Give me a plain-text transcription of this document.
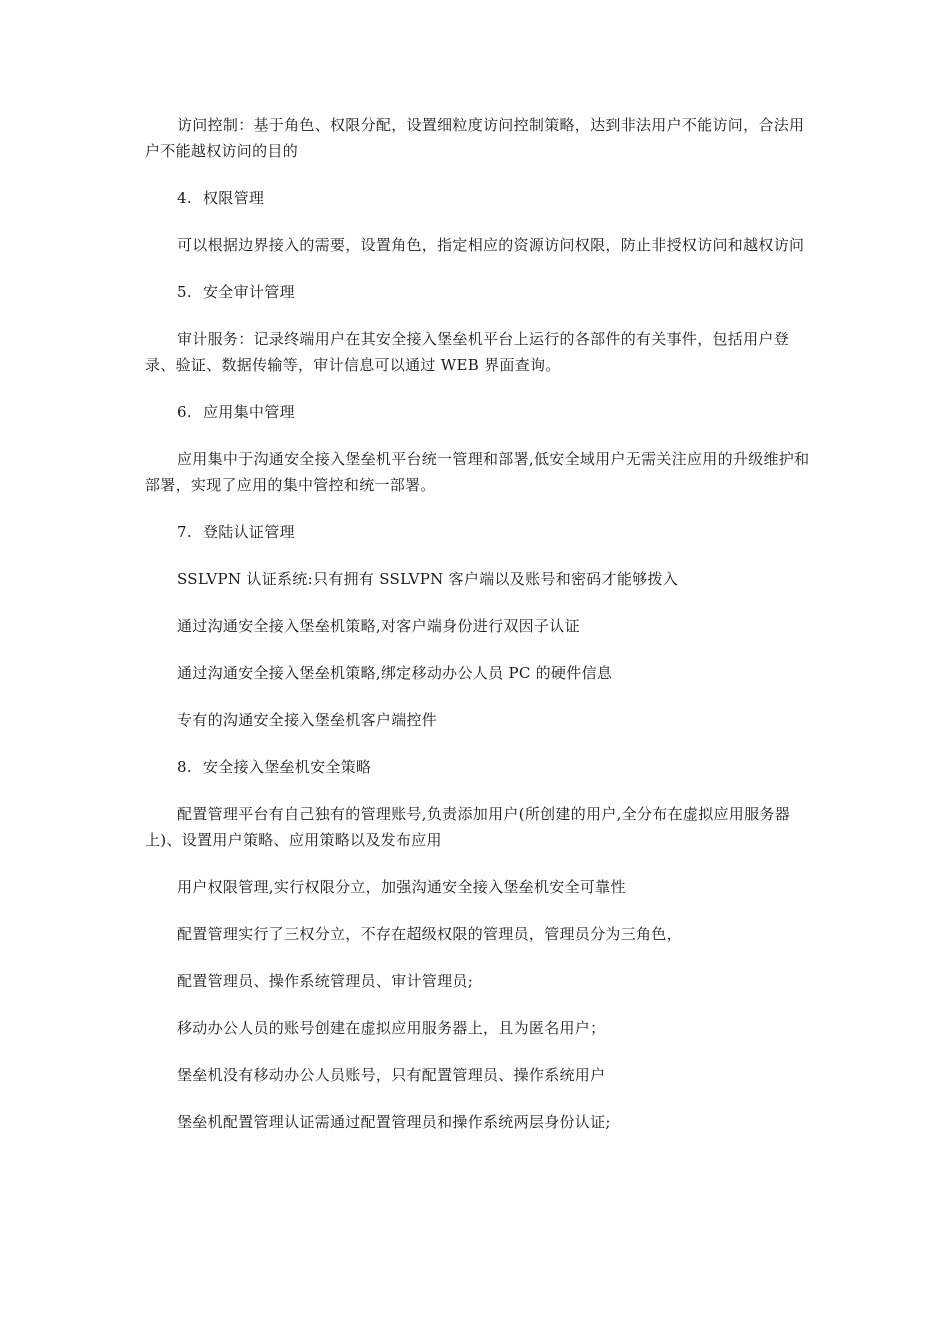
访问控制：基于角色、权限分配，设置细粒度访问控制策略，达到非法用户不能访问，合法用户不能越权访问的目的

4. 权限管理

可以根据边界接入的需要，设置角色，指定相应的资源访问权限，防止非授权访问和越权访问

5. 安全审计管理

审计服务：记录终端用户在其安全接入堡垒机平台上运行的各部件的有关事件，包括用户登录、验证、数据传输等，审计信息可以通过 WEB 界面查询。

6. 应用集中管理

应用集中于沟通安全接入堡垒机平台统一管理和部署,低安全域用户无需关注应用的升级维护和部署，实现了应用的集中管控和统一部署。

7. 登陆认证管理

SSLVPN 认证系统:只有拥有 SSLVPN 客户端以及账号和密码才能够拨入

通过沟通安全接入堡垒机策略,对客户端身份进行双因子认证

通过沟通安全接入堡垒机策略,绑定移动办公人员 PC 的硬件信息

专有的沟通安全接入堡垒机客户端控件

8. 安全接入堡垒机安全策略

配置管理平台有自己独有的管理账号,负责添加用户(所创建的用户,全分布在虚拟应用服务器上)、设置用户策略、应用策略以及发布应用

用户权限管理,实行权限分立，加强沟通安全接入堡垒机安全可靠性

配置管理实行了三权分立，不存在超级权限的管理员，管理员分为三角色，

配置管理员、操作系统管理员、审计管理员;

移动办公人员的账号创建在虚拟应用服务器上，且为匿名用户；

堡垒机没有移动办公人员账号，只有配置管理员、操作系统用户

堡垒机配置管理认证需通过配置管理员和操作系统两层身份认证;
